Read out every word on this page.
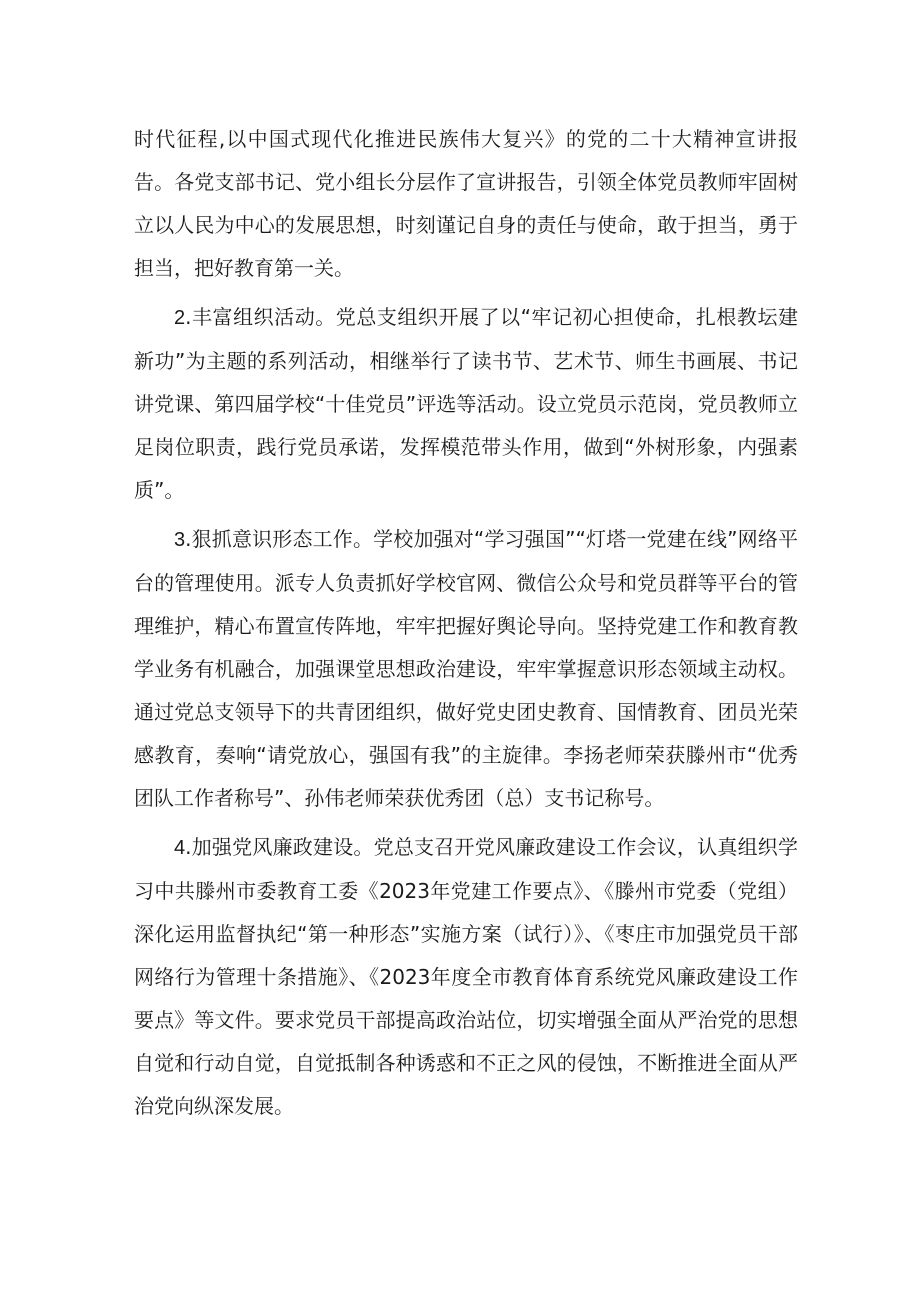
时代征程,以中国式现代化推进民族伟大复兴》的党的二十大精神宣讲报告。各党支部书记、党小组长分层作了宣讲报告，引领全体党员教师牢固树立以人民为中心的发展思想，时刻谨记自身的责任与使命，敢于担当，勇于担当，把好教育第一关。

2.丰富组织活动。党总支组织开展了以“牢记初心担使命，扎根教坛建新功”为主题的系列活动，相继举行了读书节、艺术节、师生书画展、书记讲党课、第四届学校“十佳党员”评选等活动。设立党员示范岗，党员教师立足岗位职责，践行党员承诺，发挥模范带头作用，做到“外树形象，内强素质”。

3.狠抓意识形态工作。学校加强对“学习强国”“灯塔一党建在线”网络平台的管理使用。派专人负责抓好学校官网、微信公众号和党员群等平台的管理维护，精心布置宣传阵地，牢牢把握好舆论导向。坚持党建工作和教育教学业务有机融合，加强课堂思想政治建设，牢牢掌握意识形态领域主动权。通过党总支领导下的共青团组织，做好党史团史教育、国情教育、团员光荣感教育，奏响“请党放心，强国有我”的主旋律。李扬老师荣获滕州市“优秀团队工作者称号”、孙伟老师荣获优秀团（总）支书记称号。

4.加强党风廉政建设。党总支召开党风廉政建设工作会议，认真组织学习中共滕州市委教育工委《2023年党建工作要点》、《滕州市党委（党组）深化运用监督执纪“第一种形态”实施方案（试行）》、《枣庄市加强党员干部网络行为管理十条措施》、《2023年度全市教育体育系统党风廉政建设工作要点》等文件。要求党员干部提高政治站位，切实增强全面从严治党的思想自觉和行动自觉，自觉抵制各种诱惑和不正之风的侵蚀，不断推进全面从严治党向纵深发展。
